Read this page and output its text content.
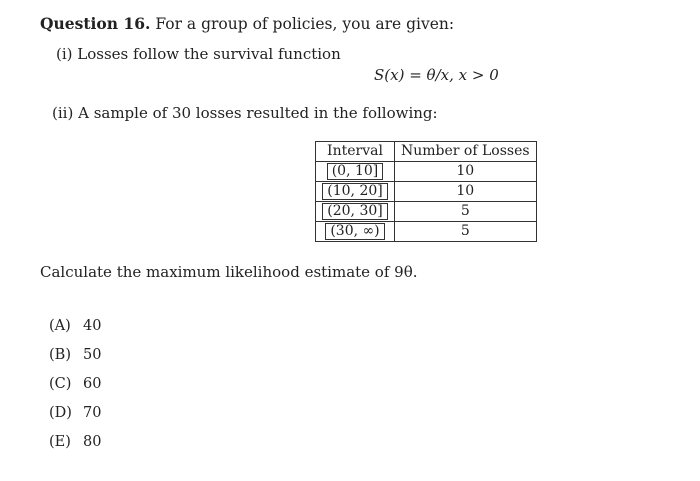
Question 16. For a group of policies, you are given:
(i) Losses follow the survival function
S(x) = θ/x, x > 0
(ii) A sample of 30 losses resulted in the following:
Interval	Number of Losses
(0, 10]	10
(10, 20]	10
(20, 30]	5
(30, ∞)	5
Calculate the maximum likelihood estimate of 9θ.
(A) 40
(B) 50
(C) 60
(D) 70
(E) 80
